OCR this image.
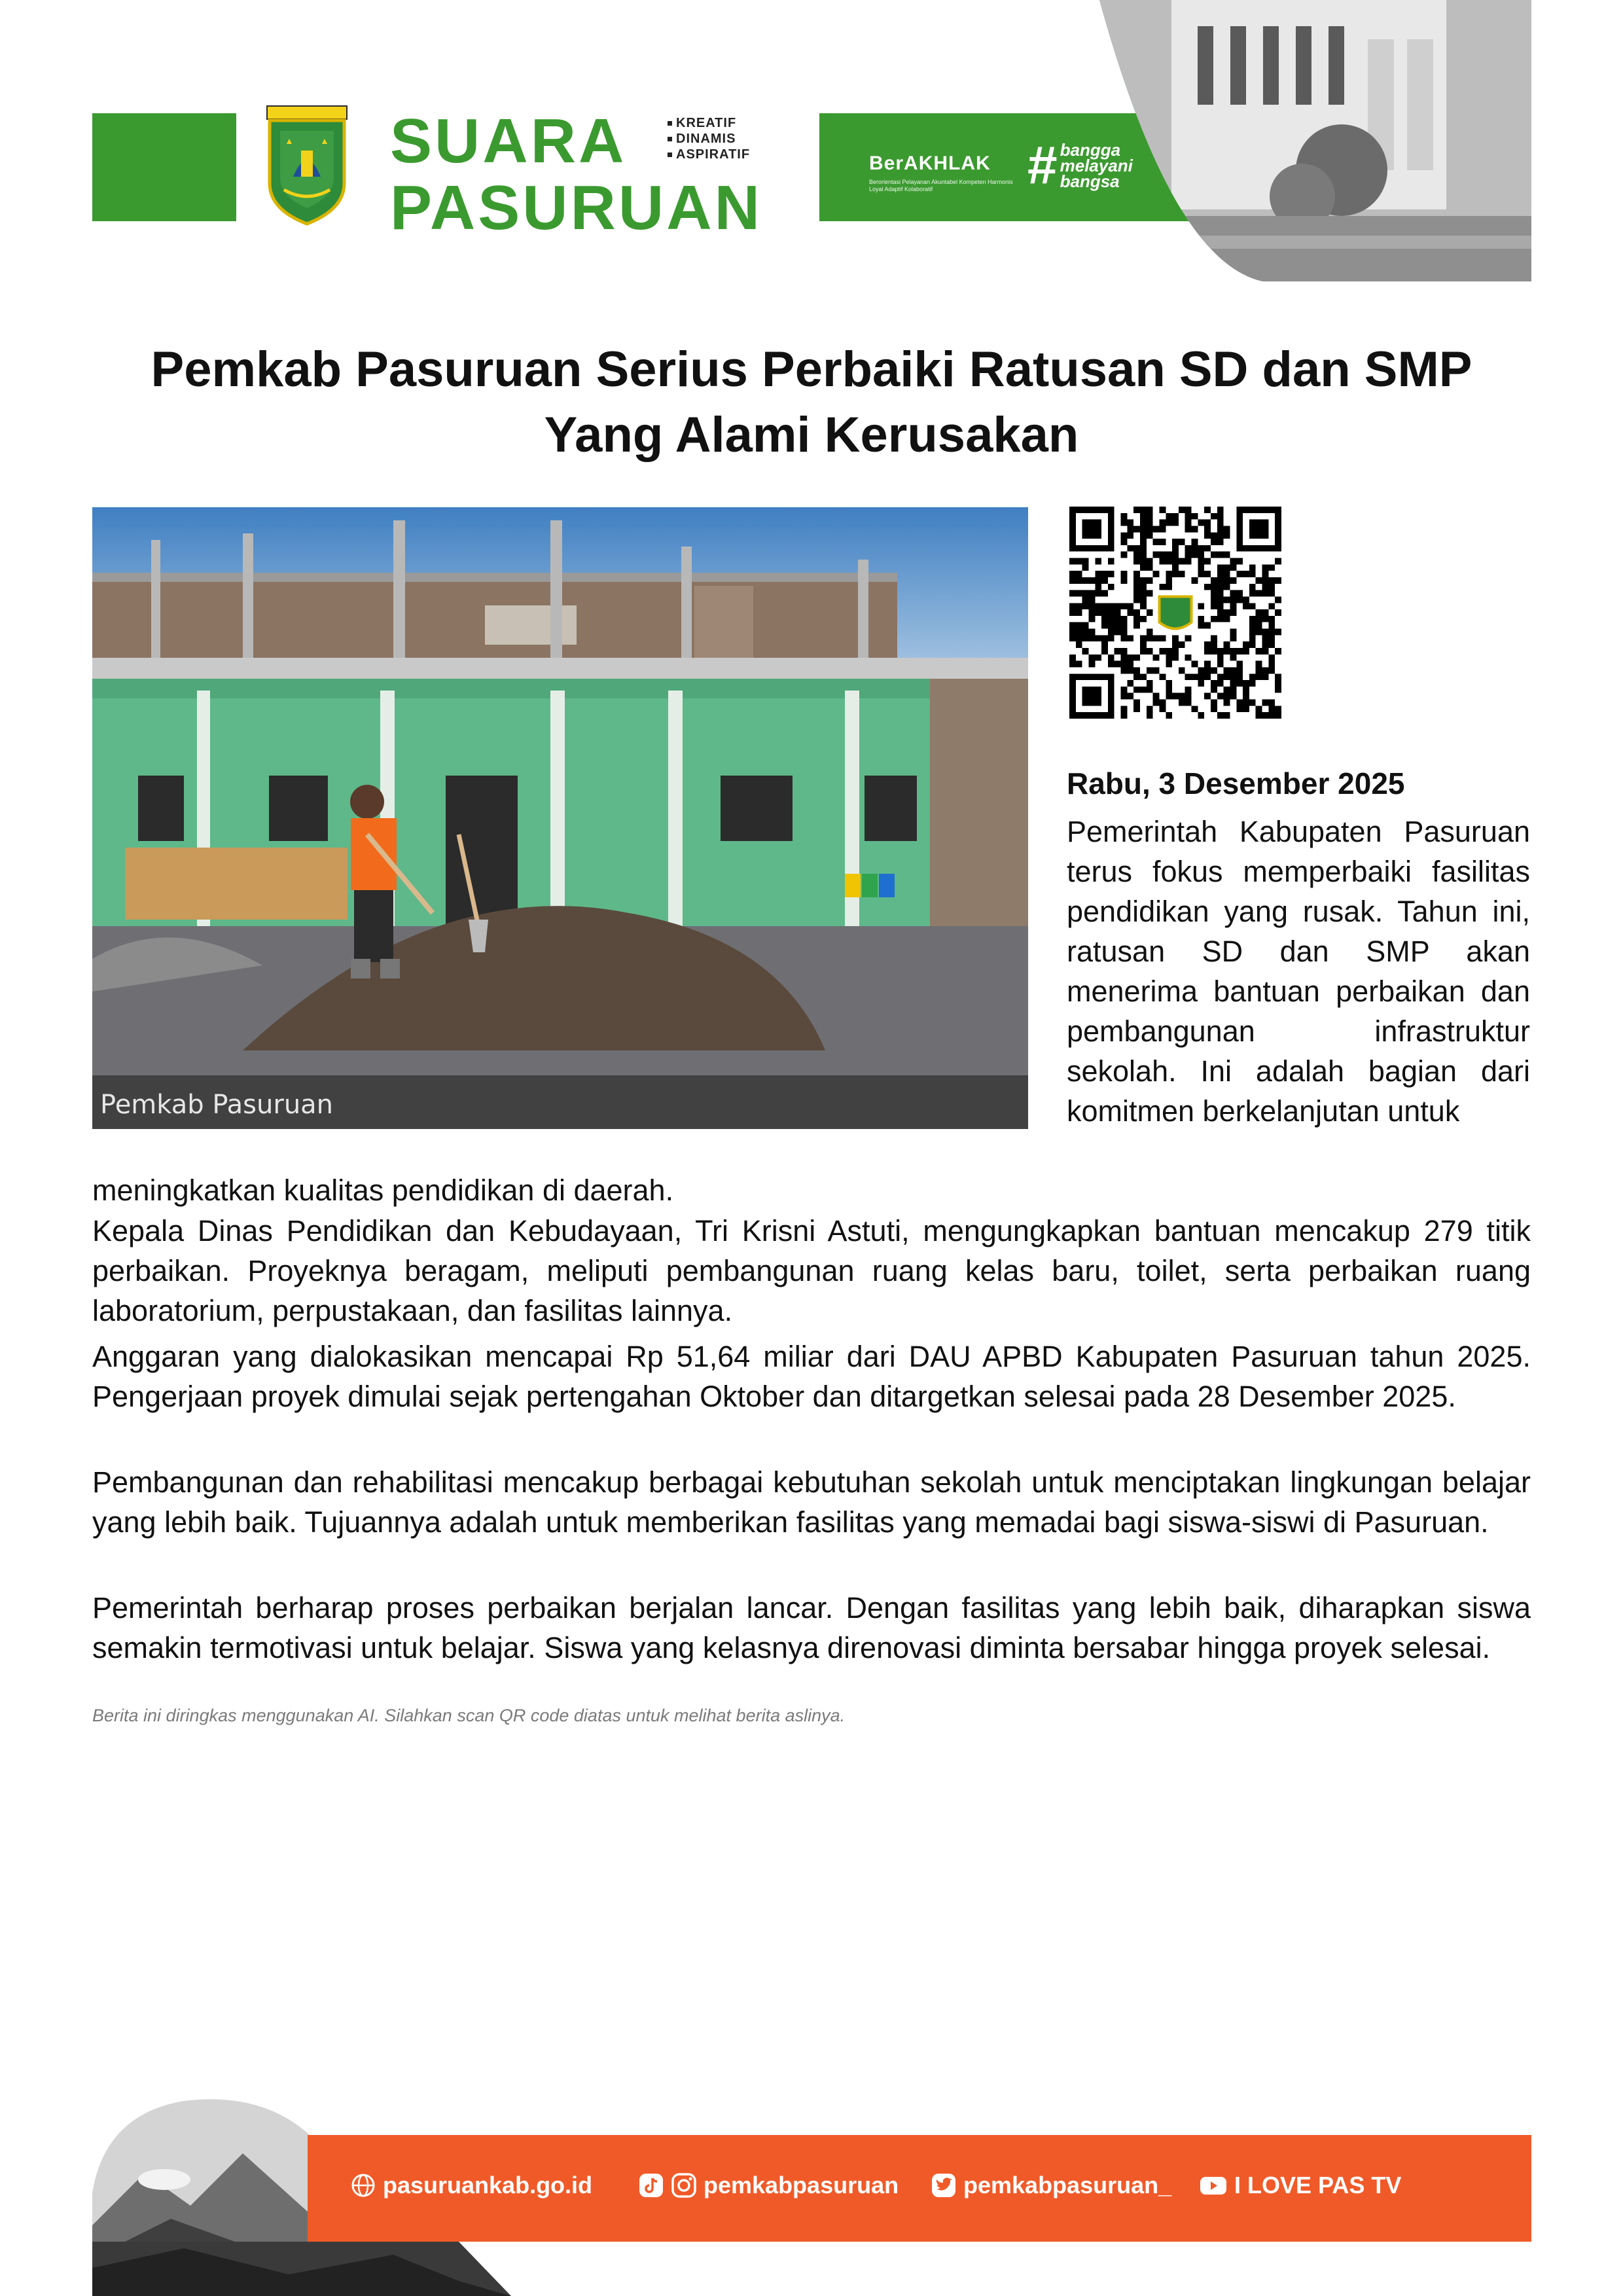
SUARA
PASURUAN
KREATIF
DINAMIS
ASPIRATIF	BerAKHLAK
Berorientasi Pelayanan Akuntabel Kompeten Harmonis Loyal Adaptif Kolaboratif	# bangga
melayani
bangsa
Pemkab Pasuruan Serius Perbaiki Ratusan SD dan SMP Yang Alami Kerusakan
Pemkab Pasuruan
Rabu, 3 Desember 2025

Pemerintah Kabupaten Pasuruan terus fokus memperbaiki fasilitas pendidikan yang rusak. Tahun ini, ratusan SD dan SMP akan menerima bantuan perbaikan dan pembangunan infrastruktur sekolah. Ini adalah bagian dari komitmen berkelanjutan untuk

meningkatkan kualitas pendidikan di daerah.

Kepala Dinas Pendidikan dan Kebudayaan, Tri Krisni Astuti, mengungkapkan bantuan mencakup 279 titik perbaikan. Proyeknya beragam, meliputi pembangunan ruang kelas baru, toilet, serta perbaikan ruang laboratorium, perpustakaan, dan fasilitas lainnya.

Anggaran yang dialokasikan mencapai Rp 51,64 miliar dari DAU APBD Kabupaten Pasuruan tahun 2025. Pengerjaan proyek dimulai sejak pertengahan Oktober dan ditargetkan selesai pada 28 Desember 2025.

Pembangunan dan rehabilitasi mencakup berbagai kebutuhan sekolah untuk menciptakan lingkungan belajar yang lebih baik. Tujuannya adalah untuk memberikan fasilitas yang memadai bagi siswa-siswi di Pasuruan.

Pemerintah berharap proses perbaikan berjalan lancar. Dengan fasilitas yang lebih baik, diharapkan siswa semakin termotivasi untuk belajar. Siswa yang kelasnya direnovasi diminta bersabar hingga proyek selesai.

Berita ini diringkas menggunakan AI. Silahkan scan QR code diatas untuk melihat berita aslinya.
pasuruankab.go.id	pemkabpasuruan	pemkabpasuruan_	I LOVE PAS TV
